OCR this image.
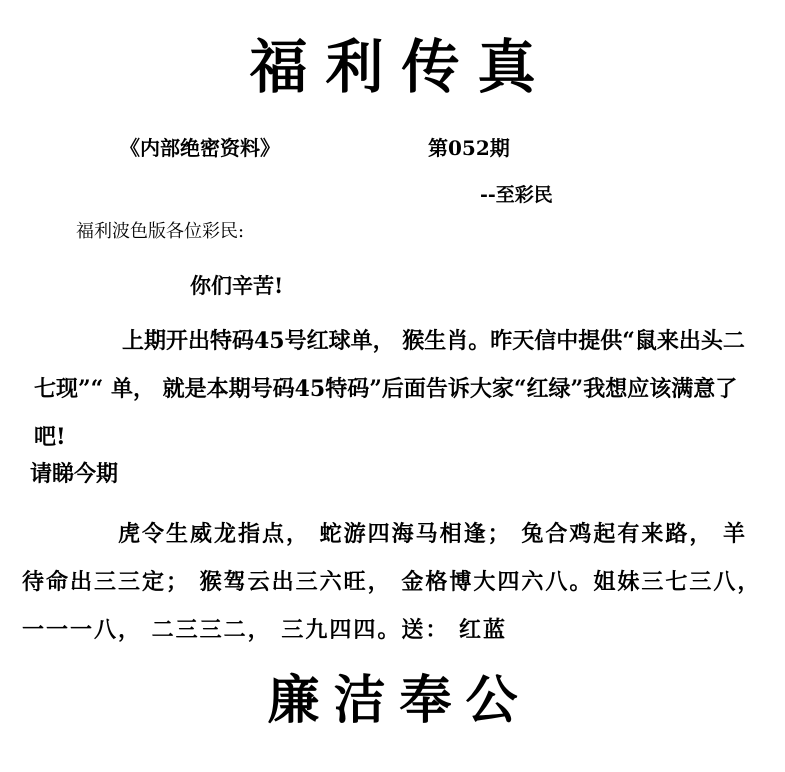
福利传真
《内部绝密资料》	第052期
--至彩民
福利波色版各位彩民:
你们辛苦!
上期开出特码45号红球单， 猴生肖。昨天信中提供“鼠来出头二七现”“ 单， 就是本期号码45特码”后面告诉大家“红绿”我想应该满意了吧!
请睇今期
虎令生威龙指点， 蛇游四海马相逢； 兔合鸡起有来路， 羊待命出三三定； 猴驾云出三六旺， 金格博大四六八。姐妹三七三八， 一一一八， 二三三二， 三九四四。送： 红蓝
廉洁奉公
